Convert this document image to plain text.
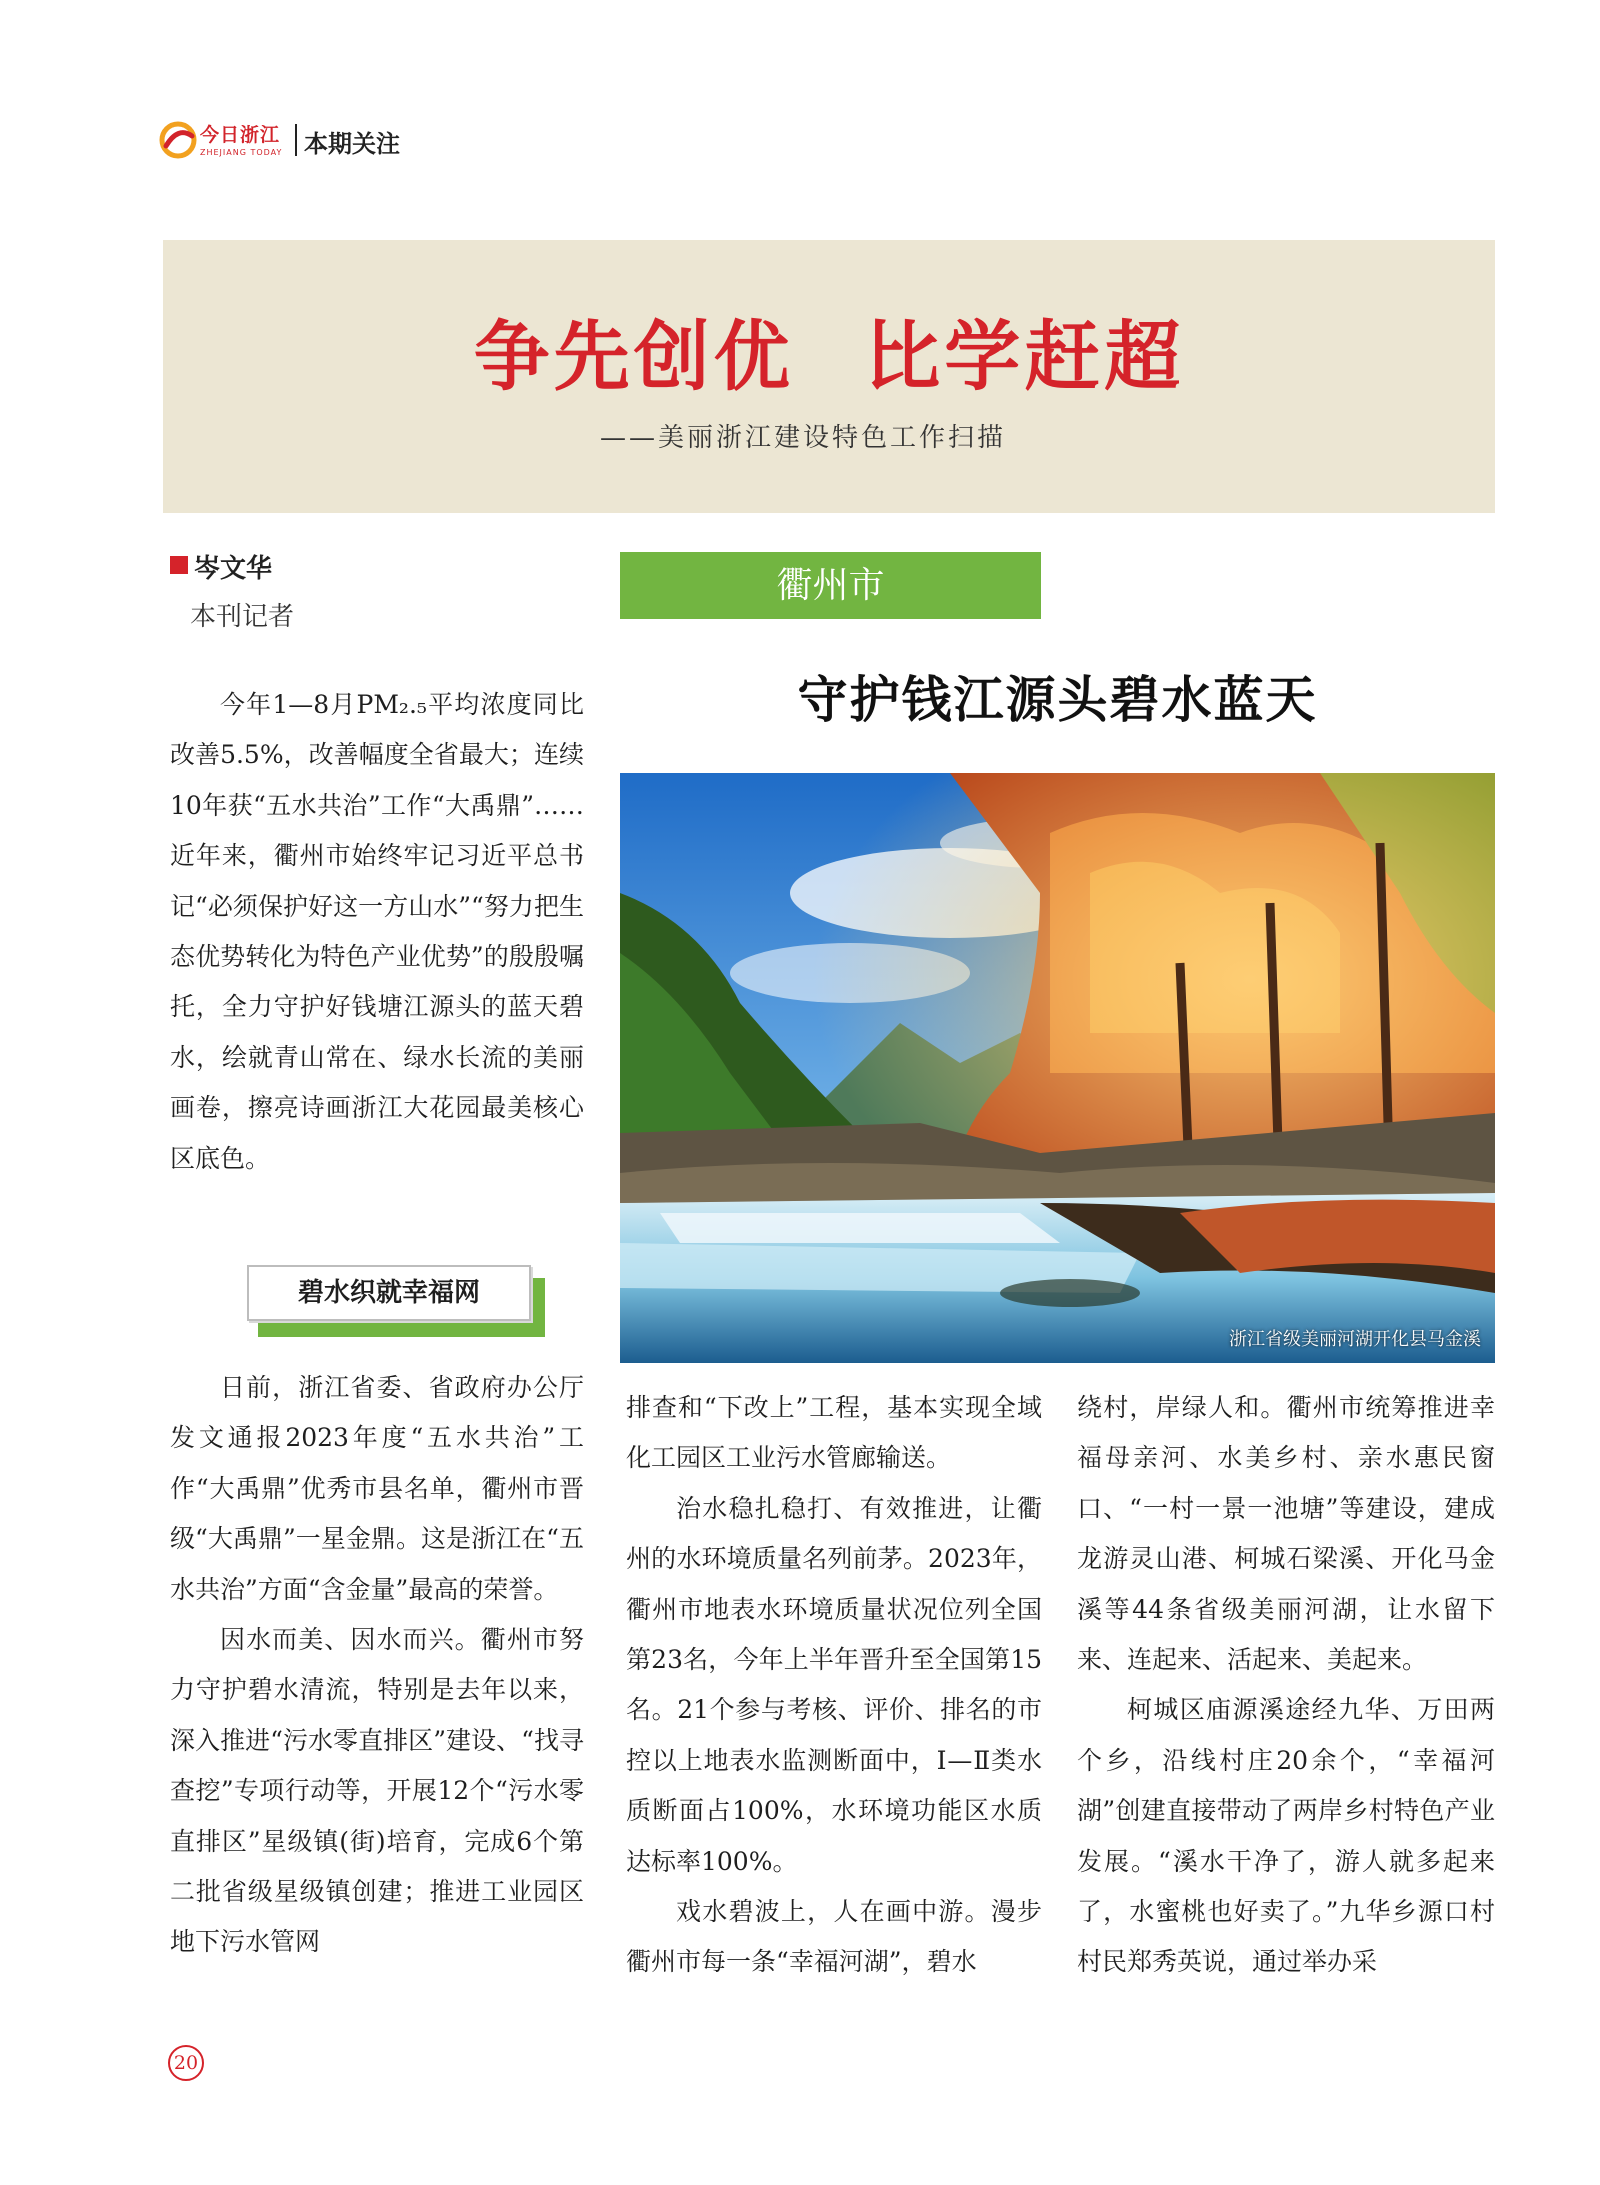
今日浙江
ZHEJIANG TODAY 本期关注
争先创优 比学赶超
——美丽浙江建设特色工作扫描
岑文华
本刊记者
衢州市
守护钱江源头碧水蓝天
浙江省级美丽河湖开化县马金溪

今年1—8月PM₂.₅平均浓度同比改善5.5%，改善幅度全省最大；连续10年获“五水共治”工作“大禹鼎”……近年来，衢州市始终牢记习近平总书记“必须保护好这一方山水”“努力把生态优势转化为特色产业优势”的殷殷嘱托，全力守护好钱塘江源头的蓝天碧水，绘就青山常在、绿水长流的美丽画卷，擦亮诗画浙江大花园最美核心区底色。

碧水织就幸福网

日前，浙江省委、省政府办公厅发文通报2023年度“五水共治”工作“大禹鼎”优秀市县名单，衢州市晋级“大禹鼎”一星金鼎。这是浙江在“五水共治”方面“含金量”最高的荣誉。

因水而美、因水而兴。衢州市努力守护碧水清流，特别是去年以来，深入推进“污水零直排区”建设、“找寻查挖”专项行动等，开展12个“污水零直排区”星级镇(街)培育，完成6个第二批省级星级镇创建；推进工业园区地下污水管网

排查和“下改上”工程，基本实现全域化工园区工业污水管廊输送。

治水稳扎稳打、有效推进，让衢州的水环境质量名列前茅。2023年，衢州市地表水环境质量状况位列全国第23名，今年上半年晋升至全国第15名。21个参与考核、评价、排名的市控以上地表水监测断面中，Ⅰ—Ⅱ类水质断面占100%，水环境功能区水质达标率100%。

戏水碧波上，人在画中游。漫步衢州市每一条“幸福河湖”，碧水

绕村，岸绿人和。衢州市统筹推进幸福母亲河、水美乡村、亲水惠民窗口、“一村一景一池塘”等建设，建成龙游灵山港、柯城石梁溪、开化马金溪等44条省级美丽河湖，让水留下来、连起来、活起来、美起来。

柯城区庙源溪途经九华、万田两个乡，沿线村庄20余个，“幸福河湖”创建直接带动了两岸乡村特色产业发展。“溪水干净了，游人就多起来了，水蜜桃也好卖了。”九华乡源口村村民郑秀英说，通过举办采

20
